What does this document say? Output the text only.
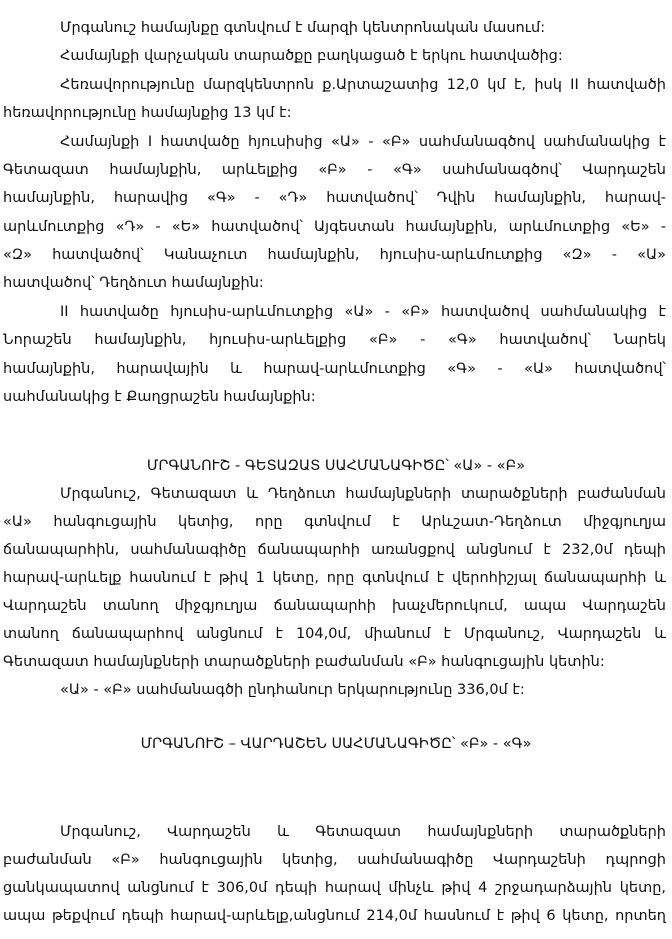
Մրգանուշ համայնքը գտնվում է մարզի կենտրոնական մասում:
Համայնքի վարչական տարածքը բաղկացած է երկու հատվածից:
Հեռավորությունը մարզկենտրոն ք.Արտաշատից 12,0 կմ է, իսկ II հատվածի
հեռավորությունը համայնքից 13 կմ է:
Համայնքի I հատվածը հյուսիսից «Ա» - «Բ» սահմանագծով սահմանակից է
Գետազատ համայնքին, արևելքից «Բ» - «Գ» սահմանագծով՝ Վարդաշեն
համայնքին, հարավից «Գ» - «Դ» հատվածով՝ Դվին համայնքին, հարավ-
արևմուտքից «Դ» - «Ե» հատվածով՝ Այգեստան համայնքին, արևմուտքից «Ե» -
«Զ» հատվածով՝ Կանաչուտ համայնքին, հյուսիս-արևմուտքից «Զ» - «Ա»
հատվածով՝ Դեղձուտ համայնքին:
II հատվածը հյուսիս-արևմուտքից «Ա» - «Բ» հատվածով սահմանակից է
Նորաշեն համայնքին, հյուսիս-արևելքից «Բ» - «Գ» հատվածով՝ Նարեկ
համայնքին, հարավային և հարավ-արևմուտքից «Գ» - «Ա» հատվածով՝
սահմանակից է Քաղցրաշեն համայնքին:
ՄՐԳԱՆՈՒՇ - ԳԵՏԱԶԱՏ ՍԱՀՄԱՆԱԳԻԾԸ՝ «Ա» - «Բ»
Մրգանուշ, Գետազատ և Դեղձուտ համայնքների տարածքների բաժանման
«Ա» հանգուցային կետից, որը գտնվում է Արևշատ-Դեղձուտ միջգյուղյա
ճանապարհին, սահմանագիծը ճանապարհի առանցքով անցնում է 232,0մ դեպի
հարավ-արևելք հասնում է թիվ 1 կետը, որը գտնվում է վերոհիշյալ ճանապարհի և
Վարդաշեն տանող միջգյուղյա ճանապարհի խաչմերուկում, ապա Վարդաշեն
տանող ճանապարհով անցնում է 104,0մ, միանում է Մրգանուշ, Վարդաշեն և
Գետազատ համայնքների տարածքների բաժանման «Բ» հանգուցային կետին:
«Ա» - «Բ» սահմանագծի ընդհանուր երկարությունը 336,0մ է:
ՄՐԳԱՆՈՒՇ – ՎԱՐԴԱՇԵՆ ՍԱՀՄԱՆԱԳԻԾԸ՝ «Բ» - «Գ»
Մրգանուշ, Վարդաշեն և Գետազատ համայնքների տարածքների
բաժանման «Բ» հանգուցային կետից, սահմանագիծը Վարդաշենի դպրոցի
ցանկապատով անցնում է 306,0մ դեպի հարավ մինչև թիվ 4 շրջադարձային կետը,
ապա թեքվում դեպի հարավ-արևելք,անցնում 214,0մ հասնում է թիվ 6 կետը, որտեղ
